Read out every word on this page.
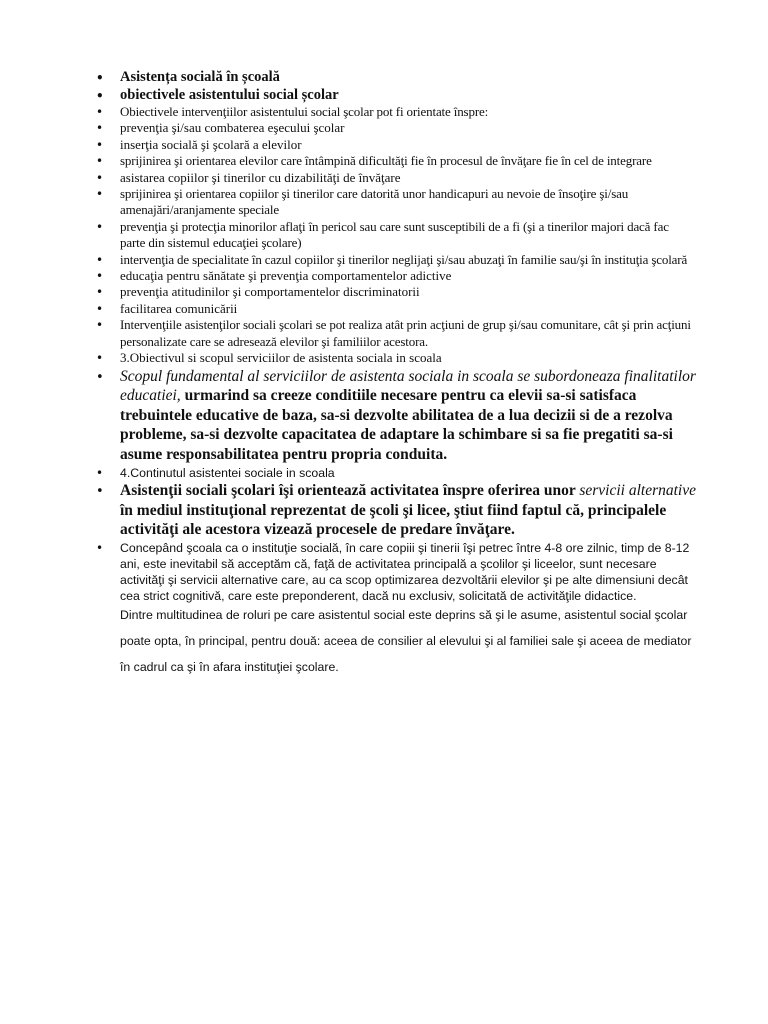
•	Asistența socială în școală
•	obiectivele asistentului social școlar
•	Obiectivele intervenţiilor asistentului social şcolar pot fi orientate înspre:
•	prevenţia şi/sau combaterea eşecului şcolar
•	inserţia socială şi şcolară a elevilor
•	sprijinirea şi orientarea elevilor care întâmpină dificultăţi fie în procesul de învăţare fie în cel de integrare
•	asistarea copiilor şi tinerilor cu dizabilităţi de învăţare
•	sprijinirea şi orientarea copiilor şi tinerilor care datorită unor handicapuri au nevoie de însoţire şi/sau amenajări/aranjamente speciale
•	prevenţia şi protecţia minorilor aflaţi în pericol sau care sunt susceptibili de a fi (şi a tinerilor majori dacă fac parte din sistemul educaţiei şcolare)
•	intervenţia de specialitate în cazul copiilor şi tinerilor neglijaţi şi/sau abuzaţi în familie sau/şi în instituţia şcolară
•	educaţia pentru sănătate şi prevenţia comportamentelor adictive
•	prevenţia atitudinilor şi comportamentelor discriminatorii
•	facilitarea comunicării
•	Intervenţiile asistenţilor sociali şcolari se pot realiza atât prin acţiuni de grup şi/sau comunitare, cât şi prin acţiuni personalizate care se adresează elevilor şi familiilor acestora.
•	3.Obiectivul si scopul serviciilor de asistenta sociala in scoala
•	Scopul fundamental al serviciilor de asistenta sociala in scoala se subordoneaza finalitatilor educatiei, urmarind sa creeze conditiile necesare pentru ca elevii sa-si satisfaca trebuintele educative de baza, sa-si dezvolte abilitatea de a lua decizii si de a rezolva probleme, sa-si dezvolte capacitatea de adaptare la schimbare si sa fie pregatiti sa-si asume responsabilitatea pentru propria conduita.
•	4.Continutul asistentei sociale in scoala
•	Asistenţii sociali şcolari îşi orientează activitatea înspre oferirea unor servicii alternative în mediul instituţional reprezentat de şcoli şi licee, ştiut fiind faptul că, principalele activităţi ale acestora vizează procesele de predare învăţare.
•	Concepând şcoala ca o instituţie socială, în care copiii şi tinerii îşi petrec între 4-8 ore zilnic, timp de 8-12 ani, este inevitabil să acceptăm că, faţă de activitatea principală a şcolilor şi liceelor, sunt necesare activităţi şi servicii alternative care, au ca scop optimizarea dezvoltării elevilor şi pe alte dimensiuni decât cea strict cognitivă, care este preponderent, dacă nu exclusiv, solicitată de activităţile didactice.
Dintre multitudinea de roluri pe care asistentul social este deprins să şi le asume, asistentul social şcolar poate opta, în principal, pentru două: aceea de consilier al elevului şi al familiei sale şi aceea de mediator în cadrul ca şi în afara instituţiei şcolare.
